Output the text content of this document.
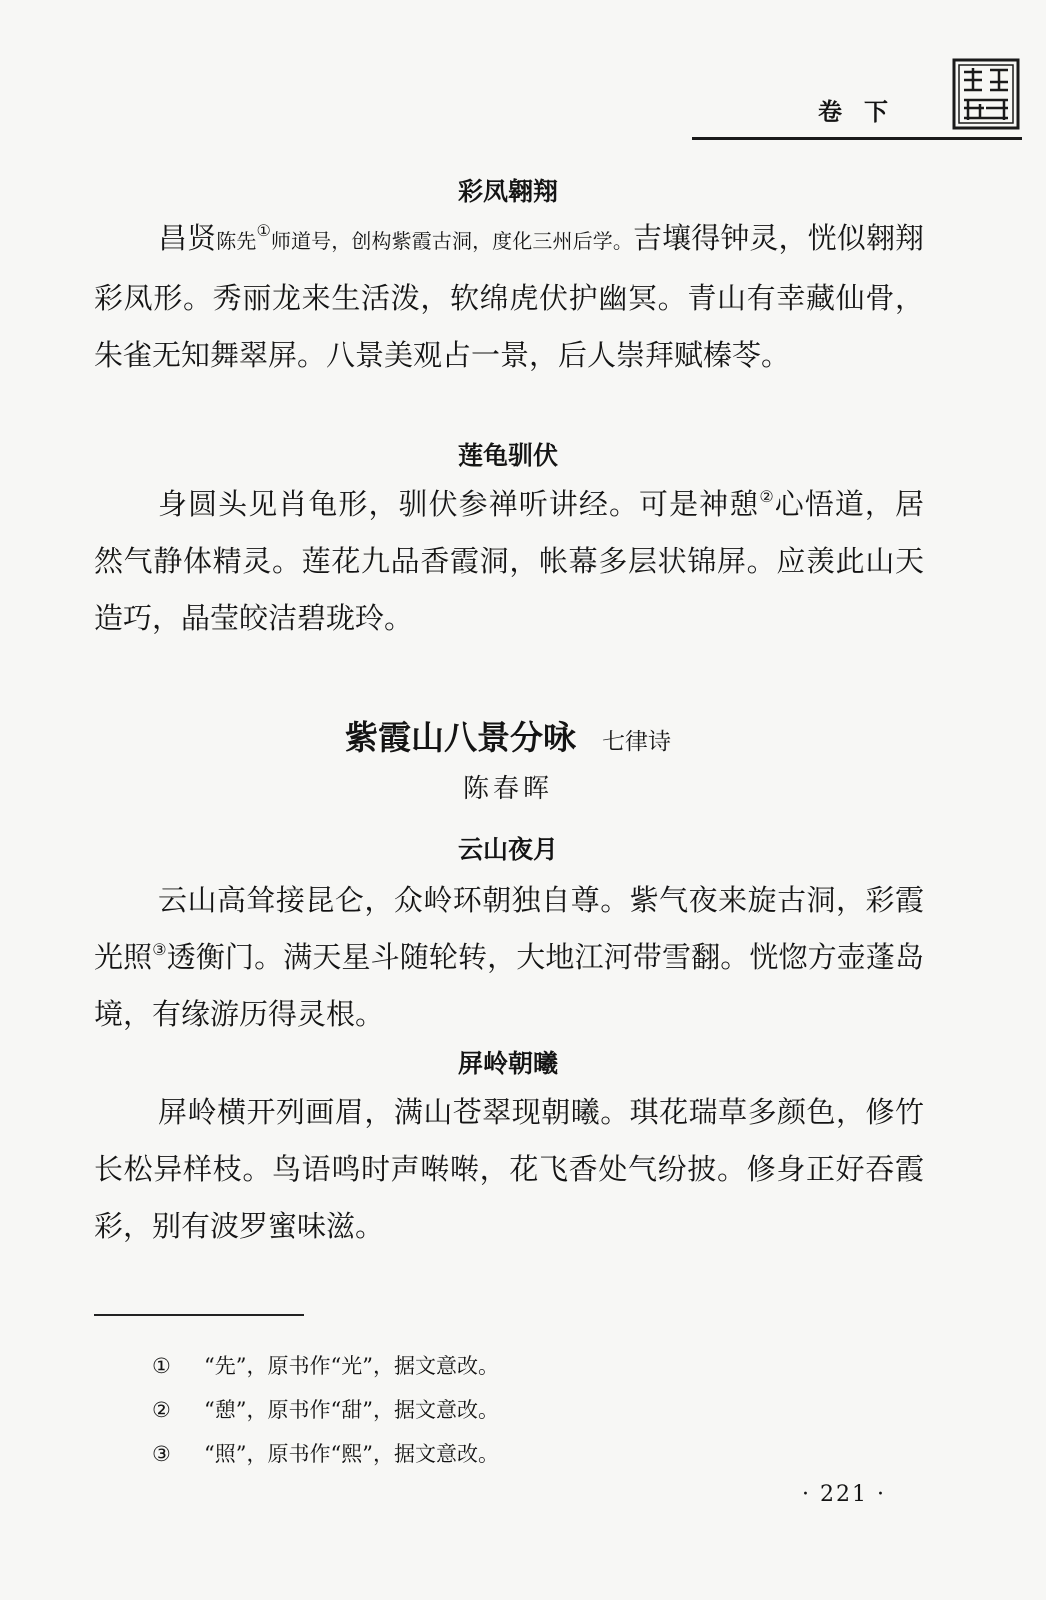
卷下
彩凤翱翔

昌贤陈先①师道号，创构紫霞古洞，度化三州后学。吉壤得钟灵，恍似翱翔彩凤形。秀丽龙来生活泼，软绵虎伏护幽冥。青山有幸藏仙骨，朱雀无知舞翠屏。八景美观占一景，后人崇拜赋榛苓。

莲龟驯伏

身圆头见肖龟形，驯伏参禅听讲经。可是神憩②心悟道，居然气静体精灵。莲花九品香霞洞，帐幕多层状锦屏。应羡此山天造巧，晶莹皎洁碧珑玲。

紫霞山八景分咏 七律诗
陈春晖
云山夜月

云山高耸接昆仑，众岭环朝独自尊。紫气夜来旋古洞，彩霞光照③透衡门。满天星斗随轮转，大地江河带雪翻。恍惚方壶蓬岛境，有缘游历得灵根。

屏岭朝曦

屏岭横开列画眉，满山苍翠现朝曦。琪花瑞草多颜色，修竹长松异样枝。鸟语鸣时声啭啭，花飞香处气纷披。修身正好吞霞彩，别有波罗蜜味滋。

①	“先”，原书作“光”，据文意改。
②	“憩”，原书作“甜”，据文意改。
③	“照”，原书作“熙”，据文意改。
· 221 ·
